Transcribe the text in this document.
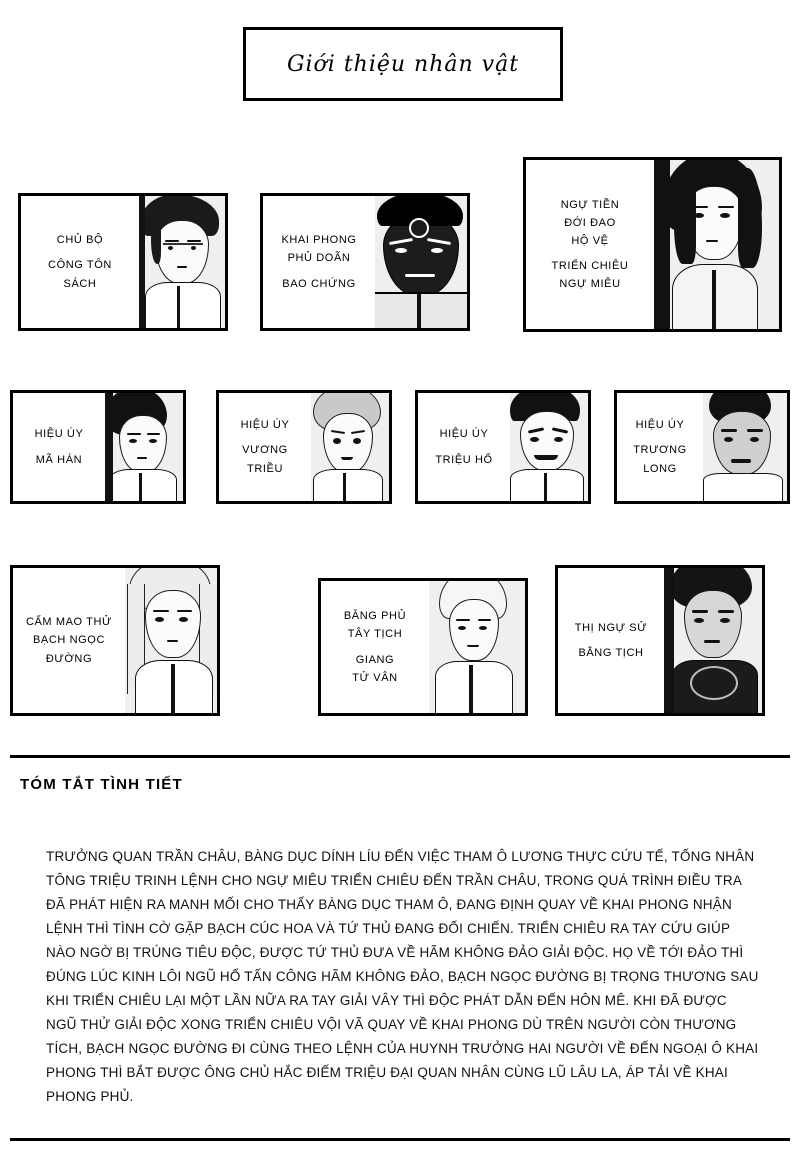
Giới thiệu nhân vật
CHỦ BỘ
CÔNG TÔN
SÁCH
KHAI PHONG
PHỦ DOÃN
BAO CHỨNG
NGỰ TIỀN
ĐỚI ĐAO
HỘ VỆ
TRIỂN CHIÊU
NGỰ MIÊU
HIỆU ÚY
MÃ HÁN
HIỆU ÚY
VƯƠNG
TRIỀU
HIỆU ÚY
TRIỆU HỔ
HIỆU ÚY
TRƯƠNG
LONG
CẨM MAO THỬ
BẠCH NGỌC
ĐƯỜNG
BĂNG PHỦ
TÂY TỊCH
GIANG
TỬ VÂN
THỊ NGỰ SỬ
BẰNG TỊCH
TÓM TẮT TÌNH TIẾT
TRƯỞNG QUAN TRẦN CHÂU, BÀNG DỤC DÍNH LÍU ĐẾN VIỆC THAM Ô LƯƠNG THỰC CỨU TẾ, TỐNG NHÂN TÔNG TRIỆU TRINH LỆNH CHO NGỰ MIÊU TRIỂN CHIÊU ĐẾN TRẦN CHÂU, TRONG QUÁ TRÌNH ĐIỀU TRA ĐÃ PHÁT HIỆN RA MANH MỐI CHO THẤY BÀNG DỤC THAM Ô, ĐANG ĐỊNH QUAY VỀ KHAI PHONG NHẬN LỆNH THÌ TÌNH CỜ GẶP BẠCH CÚC HOA VÀ TỨ THỦ ĐANG ĐỐI CHIẾN. TRIỂN CHIÊU RA TAY CỨU GIÚP NÀO NGỜ BỊ TRÚNG TIÊU ĐỘC, ĐƯỢC TỨ THỦ ĐƯA VỀ HÃM KHÔNG ĐẢO GIẢI ĐỘC. HỌ VỀ TỚI ĐẢO THÌ ĐÚNG LÚC KINH LÔI NGŨ HỔ TẤN CÔNG HÃM KHÔNG ĐẢO, BẠCH NGỌC ĐƯỜNG BỊ TRỌNG THƯƠNG SAU KHI TRIỂN CHIÊU LẠI MỘT LẦN NỮA RA TAY GIẢI VÂY THÌ ĐỘC PHÁT DẪN ĐẾN HÔN MÊ. KHI ĐÃ ĐƯỢC NGŨ THỬ GIẢI ĐỘC XONG TRIỂN CHIÊU VỘI VÃ QUAY VỀ KHAI PHONG DÙ TRÊN NGƯỜI CÒN THƯƠNG TÍCH, BẠCH NGỌC ĐƯỜNG ĐI CÙNG THEO LỆNH CỦA HUYNH TRƯỞNG HAI NGƯỜI VỀ ĐẾN NGOẠI Ô KHAI PHONG THÌ BẮT ĐƯỢC ÔNG CHỦ HẮC ĐIẾM TRIỆU ĐẠI QUAN NHÂN CÙNG LŨ LÂU LA, ÁP TẢI VỀ KHAI PHONG PHỦ.
